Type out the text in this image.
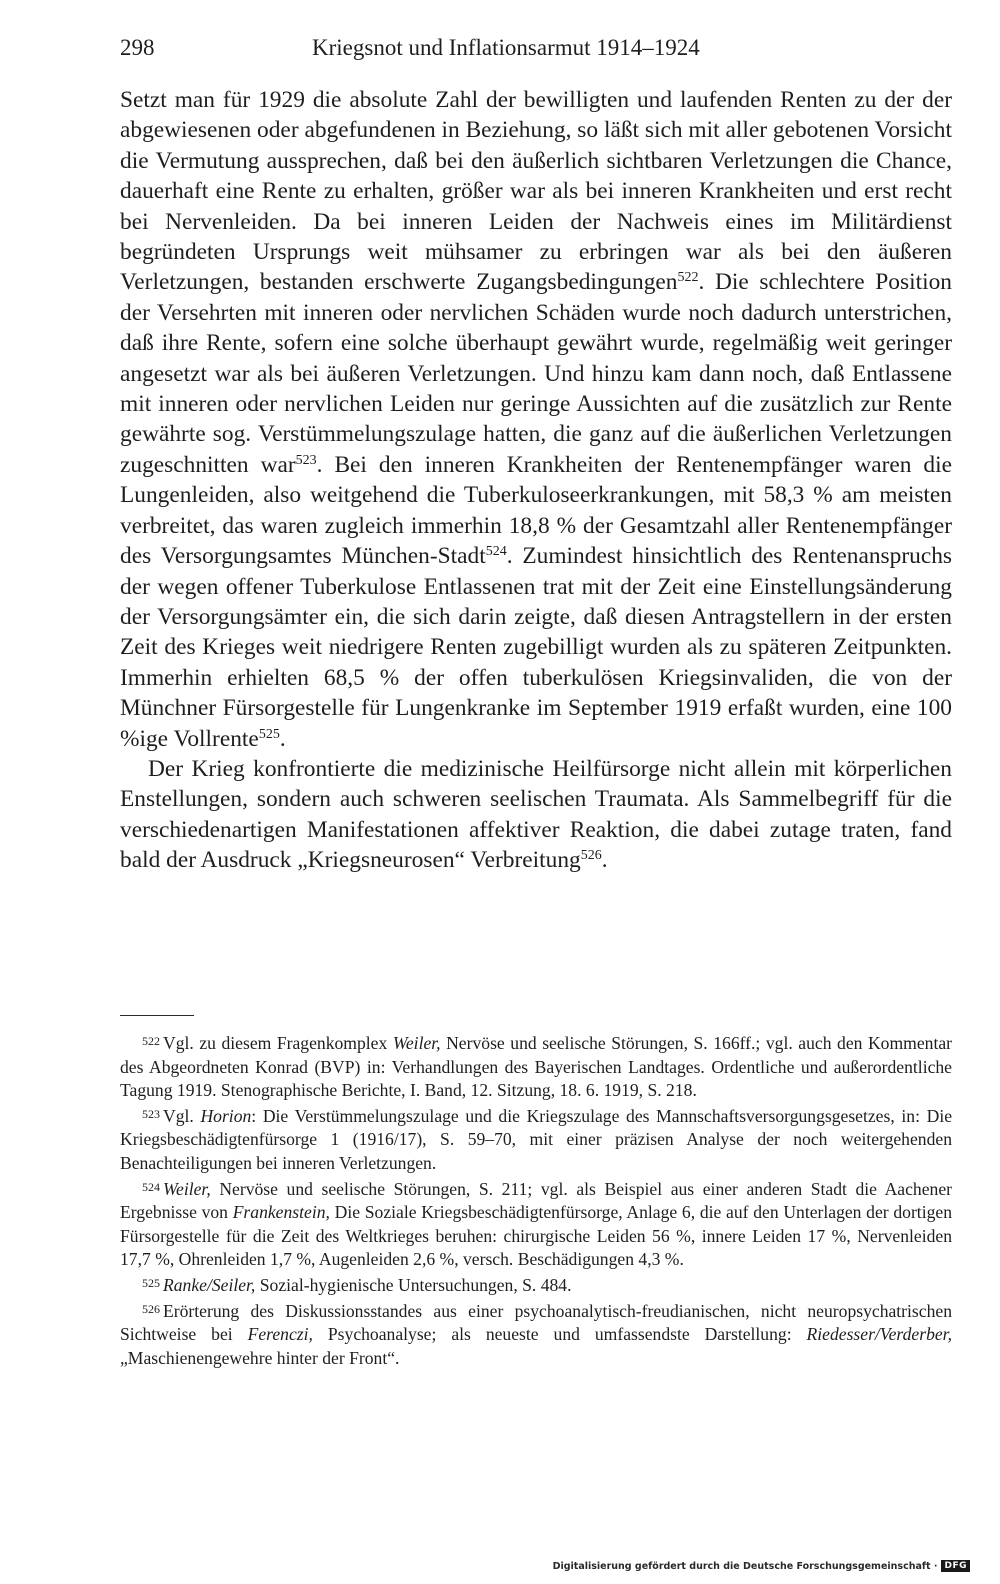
298	Kriegsnot und Inflationsarmut 1914–1924

Setzt man für 1929 die absolute Zahl der bewilligten und laufenden Renten zu der der abgewiesenen oder abgefundenen in Beziehung, so läßt sich mit aller gebotenen Vorsicht die Vermutung aussprechen, daß bei den äußerlich sichtbaren Verletzungen die Chance, dauerhaft eine Rente zu erhalten, größer war als bei inneren Krankheiten und erst recht bei Nervenleiden. Da bei inneren Leiden der Nachweis eines im Militärdienst begründeten Ursprungs weit mühsamer zu erbringen war als bei den äußeren Verletzungen, bestanden erschwerte Zugangsbedingungen$^{522}$. Die schlechtere Position der Versehrten mit inneren oder nervlichen Schäden wurde noch dadurch unterstrichen, daß ihre Rente, sofern eine solche überhaupt gewährt wurde, regelmäßig weit geringer angesetzt war als bei äußeren Verletzungen. Und hinzu kam dann noch, daß Entlassene mit inneren oder nervlichen Leiden nur geringe Aussichten auf die zusätzlich zur Rente gewährte sog. Verstümmelungszulage hatten, die ganz auf die äußerlichen Verletzungen zugeschnitten war$^{523}$. Bei den inneren Krankheiten der Rentenempfänger waren die Lungenleiden, also weitgehend die Tuberkuloseerkrankungen, mit 58,3 % am meisten verbreitet, das waren zugleich immerhin 18,8 % der Gesamtzahl aller Rentenempfänger des Versorgungsamtes München-Stadt$^{524}$. Zumindest hinsichtlich des Rentenanspruchs der wegen offener Tuberkulose Entlassenen trat mit der Zeit eine Einstellungsänderung der Versorgungsämter ein, die sich darin zeigte, daß diesen Antragstellern in der ersten Zeit des Krieges weit niedrigere Renten zugebilligt wurden als zu späteren Zeitpunkten. Immerhin erhielten 68,5 % der offen tuberkulösen Kriegsinvaliden, die von der Münchner Fürsorgestelle für Lungenkranke im September 1919 erfaßt wurden, eine 100 %ige Vollrente$^{525}$.

Der Krieg konfrontierte die medizinische Heilfürsorge nicht allein mit körperlichen Enstellungen, sondern auch schweren seelischen Traumata. Als Sammelbegriff für die verschiedenartigen Manifestationen affektiver Reaktion, die dabei zutage traten, fand bald der Ausdruck „Kriegsneurosen“ Verbreitung$^{526}$.

$^{522}$ Vgl. zu diesem Fragenkomplex Weiler, Nervöse und seelische Störungen, S. 166ff.; vgl. auch den Kommentar des Abgeordneten Konrad (BVP) in: Verhandlungen des Bayerischen Landtages. Ordentliche und außerordentliche Tagung 1919. Stenographische Berichte, I. Band, 12. Sitzung, 18. 6. 1919, S. 218.

$^{523}$ Vgl. Horion: Die Verstümmelungszulage und die Kriegszulage des Mannschaftsversorgungsgesetzes, in: Die Kriegsbeschädigtenfürsorge 1 (1916/17), S. 59–70, mit einer präzisen Analyse der noch weitergehenden Benachteiligungen bei inneren Verletzungen.

$^{524}$ Weiler, Nervöse und seelische Störungen, S. 211; vgl. als Beispiel aus einer anderen Stadt die Aachener Ergebnisse von Frankenstein, Die Soziale Kriegsbeschädigtenfürsorge, Anlage 6, die auf den Unterlagen der dortigen Fürsorgestelle für die Zeit des Weltkrieges beruhen: chirurgische Leiden 56 %, innere Leiden 17 %, Nervenleiden 17,7 %, Ohrenleiden 1,7 %, Augenleiden 2,6 %, versch. Beschädigungen 4,3 %.

$^{525}$ Ranke/Seiler, Sozial-hygienische Untersuchungen, S. 484.

$^{526}$ Erörterung des Diskussionsstandes aus einer psychoanalytisch-freudianischen, nicht neuropsychatrischen Sichtweise bei Ferenczi, Psychoanalyse; als neueste und umfassendste Darstellung: Riedesser/Verderber, „Maschienengewehre hinter der Front“.

Digitalisierung gefördert durch die Deutsche Forschungsgemeinschaft · DFG
